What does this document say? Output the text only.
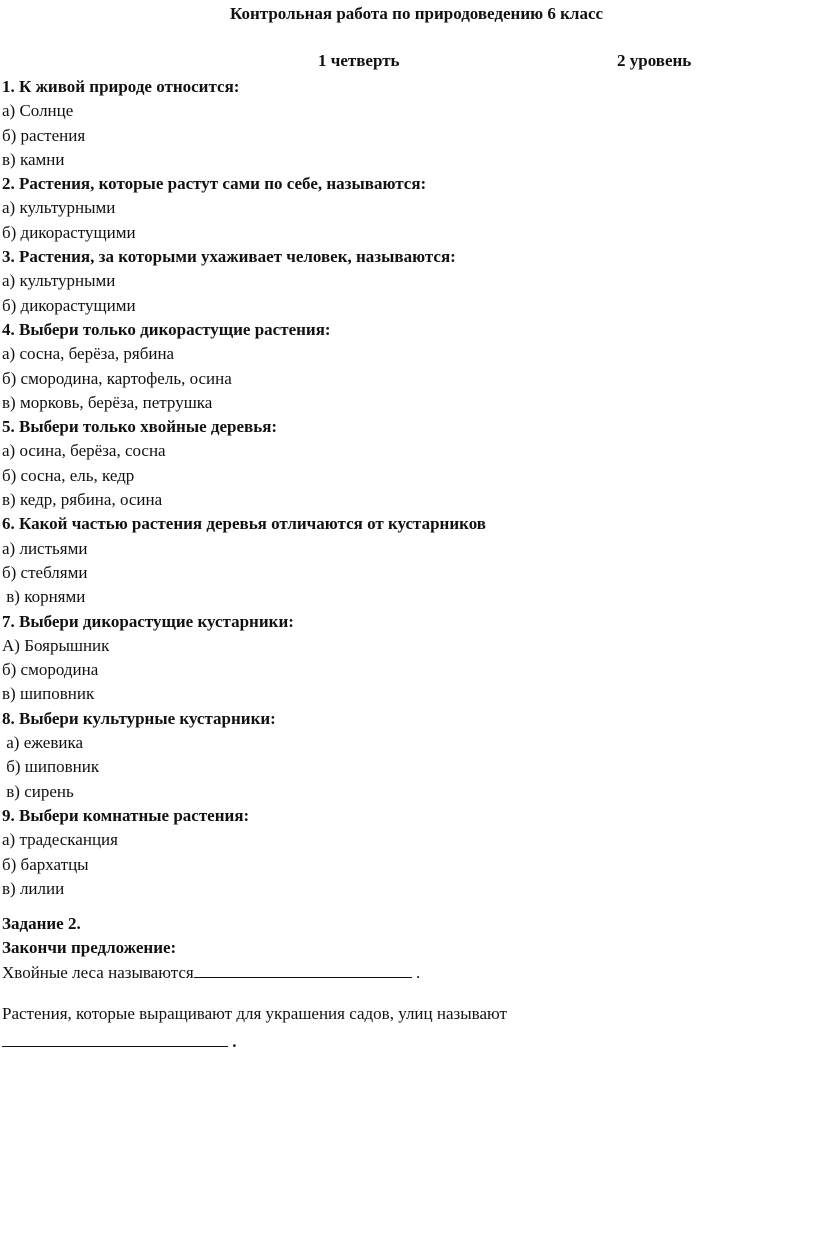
Контрольная работа по природоведению 6 класс
1 четверть	2 уровень
1. К живой природе относится:
а) Солнце
б) растения
в) камни
2. Растения, которые растут сами по себе, называются:
а) культурными
б) дикорастущими
3. Растения, за которыми ухаживает человек, называются:
а) культурными
б) дикорастущими
4. Выбери только дикорастущие растения:
а) сосна, берёза, рябина
б) смородина, картофель, осина
в) морковь, берёза, петрушка
5. Выбери только хвойные деревья:
а) осина, берёза, сосна
б) сосна, ель, кедр
в) кедр, рябина, осина
6. Какой частью растения деревья отличаются от кустарников
а) листьями
б) стеблями
в) корнями
7. Выбери дикорастущие кустарники:
А) Боярышник
б) смородина
в) шиповник
8. Выбери культурные кустарники:
а) ежевика
б) шиповник
в) сирень
9. Выбери комнатные растения:
а) традесканция
б) бархатцы
в) лилии
Задание 2.
Закончи предложение:
Хвойные леса называются	.
Растения, которые выращивают для украшения садов, улиц называют
.
